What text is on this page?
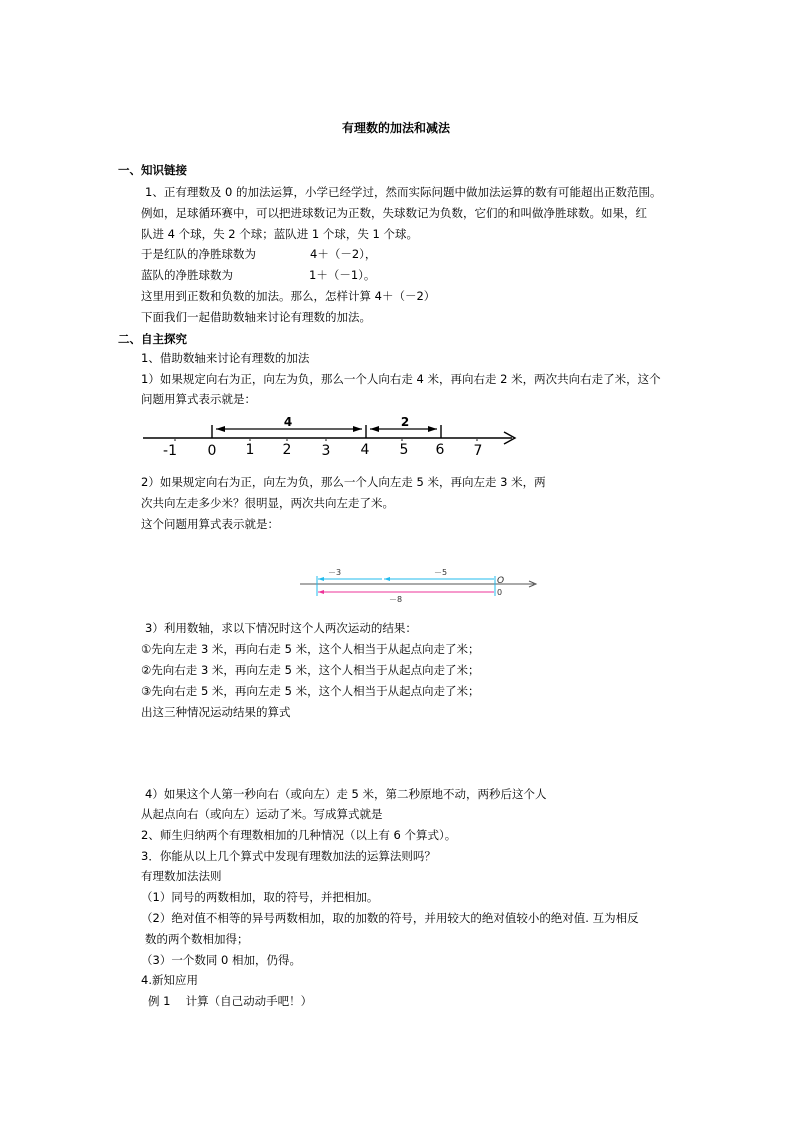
有理数的加法和减法
一、知识链接
1、正有理数及 0 的加法运算，小学已经学过，然而实际问题中做加法运算的数有可能超出正数范围。
例如，足球循环赛中，可以把进球数记为正数，失球数记为负数，它们的和叫做净胜球数。如果，红
队进 4 个球，失 2 个球；蓝队进 1 个球，失 1 个球。
于是红队的净胜球数为	4＋（－2），
蓝队的净胜球数为	1＋（－1）。
这里用到正数和负数的加法。那么，怎样计算 4＋（－2）
下面我们一起借助数轴来讨论有理数的加法。
二、自主探究
1、借助数轴来讨论有理数的加法
1）如果规定向右为正，向左为负，那么一个人向右走 4 米，再向右走 2 米，两次共向右走了米，这个
问题用算式表示就是：
4	2
-1 0 1 2 3 4 5 6 7
2）如果规定向右为正，向左为负，那么一个人向左走 5 米，再向左走 3 米，两
次共向左走多少米？很明显，两次共向左走了米。
这个问题用算式表示就是：
－3	－5
－8
O
0
3）利用数轴，求以下情况时这个人两次运动的结果：
①先向左走 3 米，再向右走 5 米，这个人相当于从起点向走了米；
②先向右走 3 米，再向左走 5 米，这个人相当于从起点向走了米；
③先向右走 5 米，再向左走 5 米，这个人相当于从起点向走了米；
出这三种情况运动结果的算式
4）如果这个人第一秒向右（或向左）走 5 米，第二秒原地不动，两秒后这个人
从起点向右（或向左）运动了米。写成算式就是
2、师生归纳两个有理数相加的几种情况（以上有 6 个算式）。
3．你能从以上几个算式中发现有理数加法的运算法则吗？
有理数加法法则
（1）同号的两数相加，取的符号，并把相加。
（2）绝对值不相等的异号两数相加，取的加数的符号，并用较大的绝对值较小的绝对值. 互为相反
数的两个数相加得；
（3）一个数同 0 相加，仍得。
4.新知应用
例 1　 计算（自己动动手吧！）
